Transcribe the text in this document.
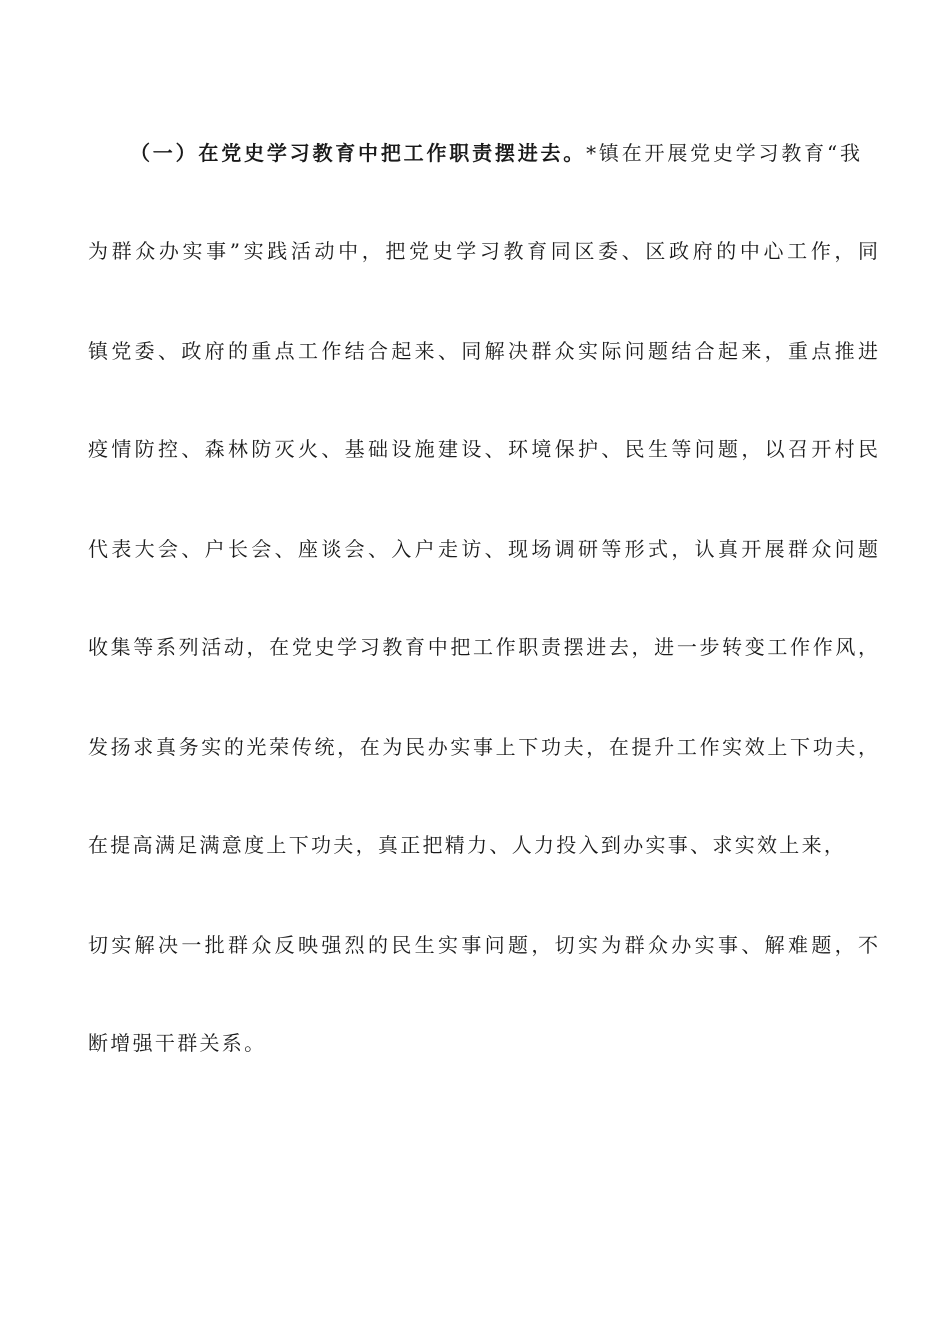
（一）在党史学习教育中把工作职责摆进去。*镇在开展党史学习教育“我
为群众办实事”实践活动中，把党史学习教育同区委、区政府的中心工作，同
镇党委、政府的重点工作结合起来、同解决群众实际问题结合起来，重点推进
疫情防控、森林防灭火、基础设施建设、环境保护、民生等问题，以召开村民
代表大会、户长会、座谈会、入户走访、现场调研等形式，认真开展群众问题
收集等系列活动，在党史学习教育中把工作职责摆进去，进一步转变工作作风，
发扬求真务实的光荣传统，在为民办实事上下功夫，在提升工作实效上下功夫，
在提高满足满意度上下功夫，真正把精力、人力投入到办实事、求实效上来，
切实解决一批群众反映强烈的民生实事问题，切实为群众办实事、解难题，不
断增强干群关系。
